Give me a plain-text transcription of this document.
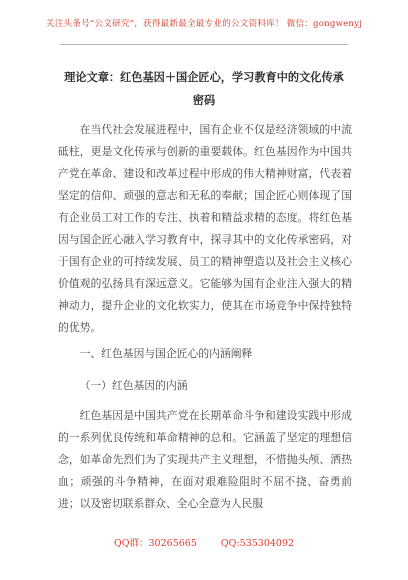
关注头条号“公文研究”，获得最新最全最专业的公文资料库！ 微信：gongwenyj
理论文章：红色基因＋国企匠心，学习教育中的文化传承
密码
在当代社会发展进程中，国有企业不仅是经济领域的中流砥柱，更是文化传承与创新的重要载体。红色基因作为中国共产党在革命、建设和改革过程中形成的伟大精神财富，代表着坚定的信仰、顽强的意志和无私的奉献；国企匠心则体现了国有企业员工对工作的专注、执着和精益求精的态度。将红色基因与国企匠心融入学习教育中，探寻其中的文化传承密码，对于国有企业的可持续发展、员工的精神塑造以及社会主义核心价值观的弘扬具有深远意义。它能够为国有企业注入强大的精神动力，提升企业的文化软实力，使其在市场竞争中保持独特的优势。
一、红色基因与国企匠心的内涵阐释
（一）红色基因的内涵
红色基因是中国共产党在长期革命斗争和建设实践中形成的一系列优良传统和革命精神的总和。它涵盖了坚定的理想信念，如革命先烈们为了实现共产主义理想，不惜抛头颅、洒热血；顽强的斗争精神，在面对艰难险阻时不屈不挠、奋勇前进；以及密切联系群众、全心全意为人民服
QQ群：30265665	QQ:535304092
